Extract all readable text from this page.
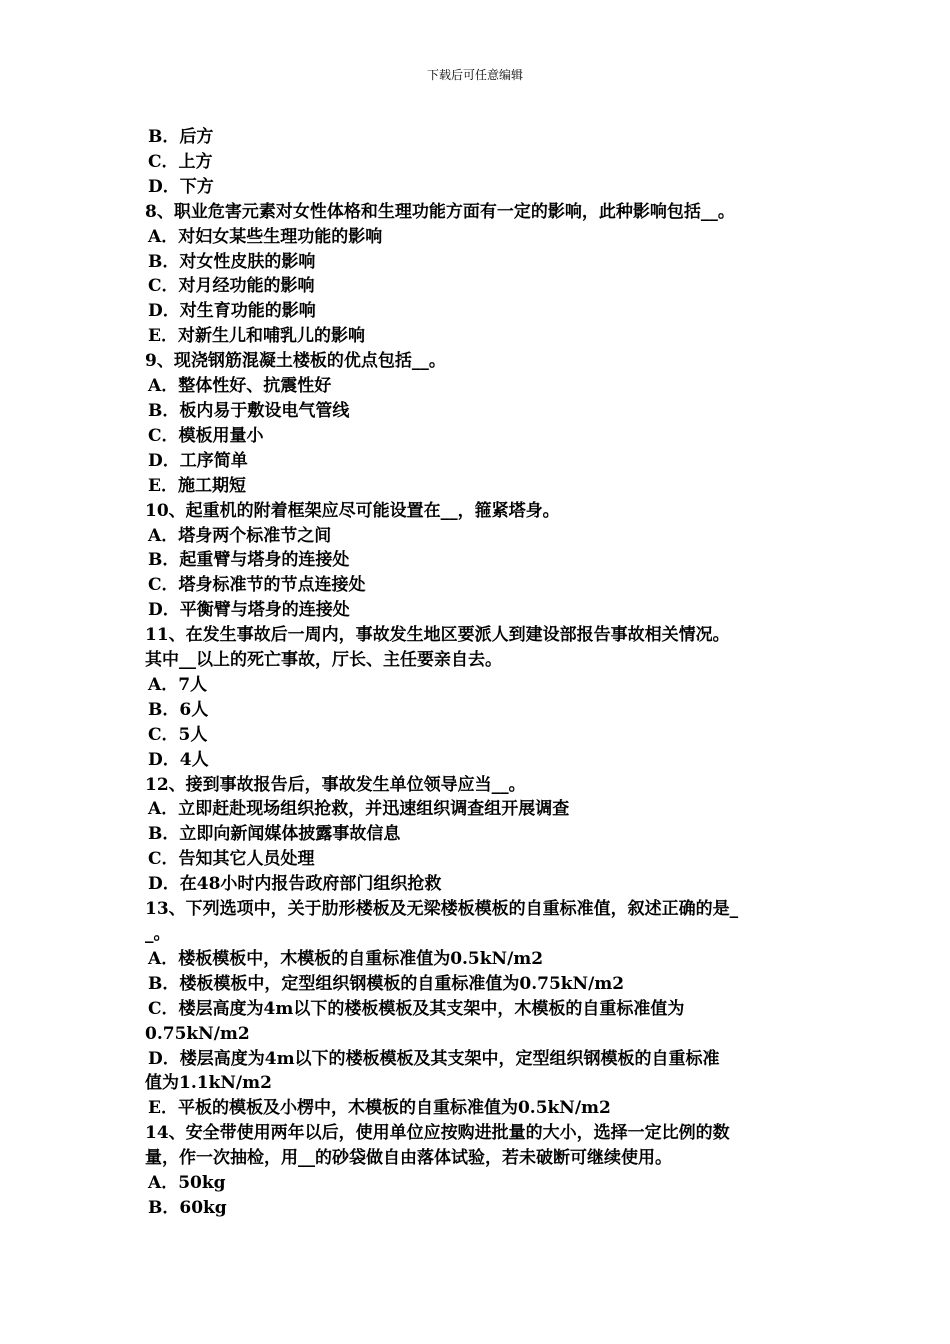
下载后可任意编辑
B．后方
C．上方
D．下方
8、职业危害元素对女性体格和生理功能方面有一定的影响，此种影响包括__。
A．对妇女某些生理功能的影响
B．对女性皮肤的影响
C．对月经功能的影响
D．对生育功能的影响
E．对新生儿和哺乳儿的影响
9、现浇钢筋混凝土楼板的优点包括__。
A．整体性好、抗震性好
B．板内易于敷设电气管线
C．模板用量小
D．工序简单
E．施工期短
10、起重机的附着框架应尽可能设置在__，箍紧塔身。
A．塔身两个标准节之间
B．起重臂与塔身的连接处
C．塔身标准节的节点连接处
D．平衡臂与塔身的连接处
11、在发生事故后一周内，事故发生地区要派人到建设部报告事故相关情况。
其中__以上的死亡事故，厅长、主任要亲自去。
A．7人
B．6人
C．5人
D．4人
12、接到事故报告后，事故发生单位领导应当__。
A．立即赶赴现场组织抢救，并迅速组织调查组开展调查
B．立即向新闻媒体披露事故信息
C．告知其它人员处理
D．在48小时内报告政府部门组织抢救
13、下列选项中，关于肋形楼板及无梁楼板模板的自重标准值，叙述正确的是_
_。
A．楼板模板中，木模板的自重标准值为0.5kN/m2
B．楼板模板中，定型组织钢模板的自重标准值为0.75kN/m2
C．楼层高度为4m以下的楼板模板及其支架中，木模板的自重标准值为
0.75kN/m2
D．楼层高度为4m以下的楼板模板及其支架中，定型组织钢模板的自重标准
值为1.1kN/m2
E．平板的模板及小楞中，木模板的自重标准值为0.5kN/m2
14、安全带使用两年以后，使用单位应按购进批量的大小，选择一定比例的数
量，作一次抽检，用__的砂袋做自由落体试验，若未破断可继续使用。
A．50kg
B．60kg
